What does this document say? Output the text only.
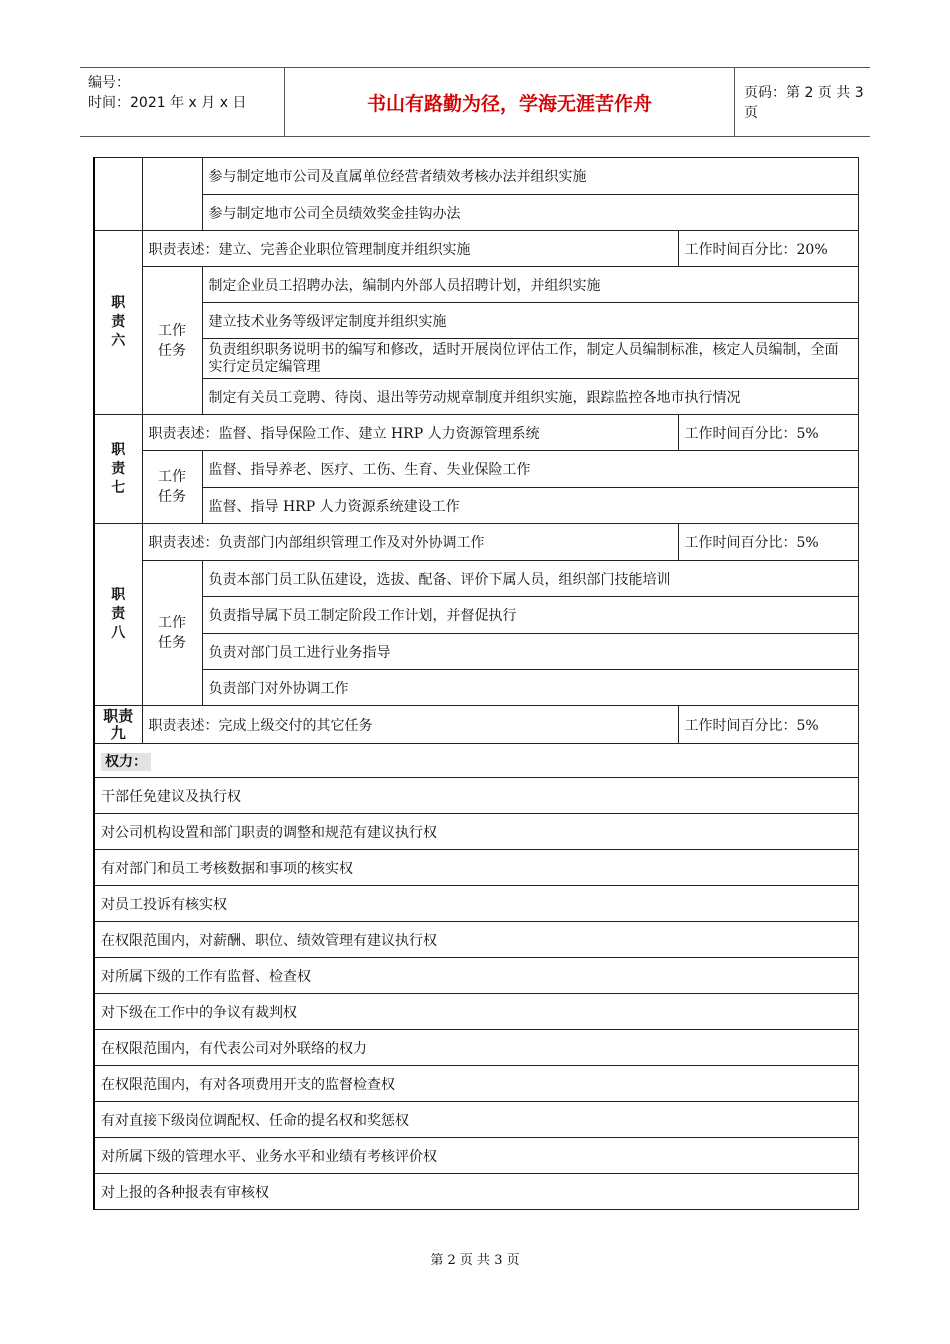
编号：
时间：2021 年 x 月 x 日	书山有路勤为径，学海无涯苦作舟	页码：第 2 页 共 3 页
		参与制定地市公司及直属单位经营者绩效考核办法并组织实施	
		参与制定地市公司全员绩效奖金挂钩办法	

职责六	职责表述：建立、完善企业职位管理制度并组织实施		工作时间百分比：20%

	工作任务	制定企业员工招聘办法，编制内外部人员招聘计划，并组织实施	
		建立技术业务等级评定制度并组织实施	
		负责组织职务说明书的编写和修改，适时开展岗位评估工作，制定人员编制标准，核定人员编制，全面实行定员定编管理	
		制定有关员工竞聘、待岗、退出等劳动规章制度并组织实施，跟踪监控各地市执行情况	

职责七	职责表述：监督、指导保险工作、建立 HRP 人力资源管理系统		工作时间百分比：5%

	工作任务	监督、指导养老、医疗、工伤、生育、失业保险工作	
		监督、指导 HRP 人力资源系统建设工作	

职责八	职责表述：负责部门内部组织管理工作及对外协调工作		工作时间百分比：5%

	工作任务	负责本部门员工队伍建设，选拔、配备、评价下属人员，组织部门技能培训	
		负责指导属下员工制定阶段工作计划，并督促执行	
		负责对部门员工进行业务指导	
		负责部门对外协调工作	

职责九	职责表述：完成上级交付的其它任务		工作时间百分比：5%
权力：			
干部任免建议及执行权			
对公司机构设置和部门职责的调整和规范有建议执行权			
有对部门和员工考核数据和事项的核实权			
对员工投诉有核实权			
在权限范围内，对薪酬、职位、绩效管理有建议执行权			
对所属下级的工作有监督、检查权			
对下级在工作中的争议有裁判权			
在权限范围内，有代表公司对外联络的权力			
在权限范围内，有对各项费用开支的监督检查权			
有对直接下级岗位调配权、任命的提名权和奖惩权			
对所属下级的管理水平、业务水平和业绩有考核评价权			
对上报的各种报表有审核权			
第 2 页 共 3 页
